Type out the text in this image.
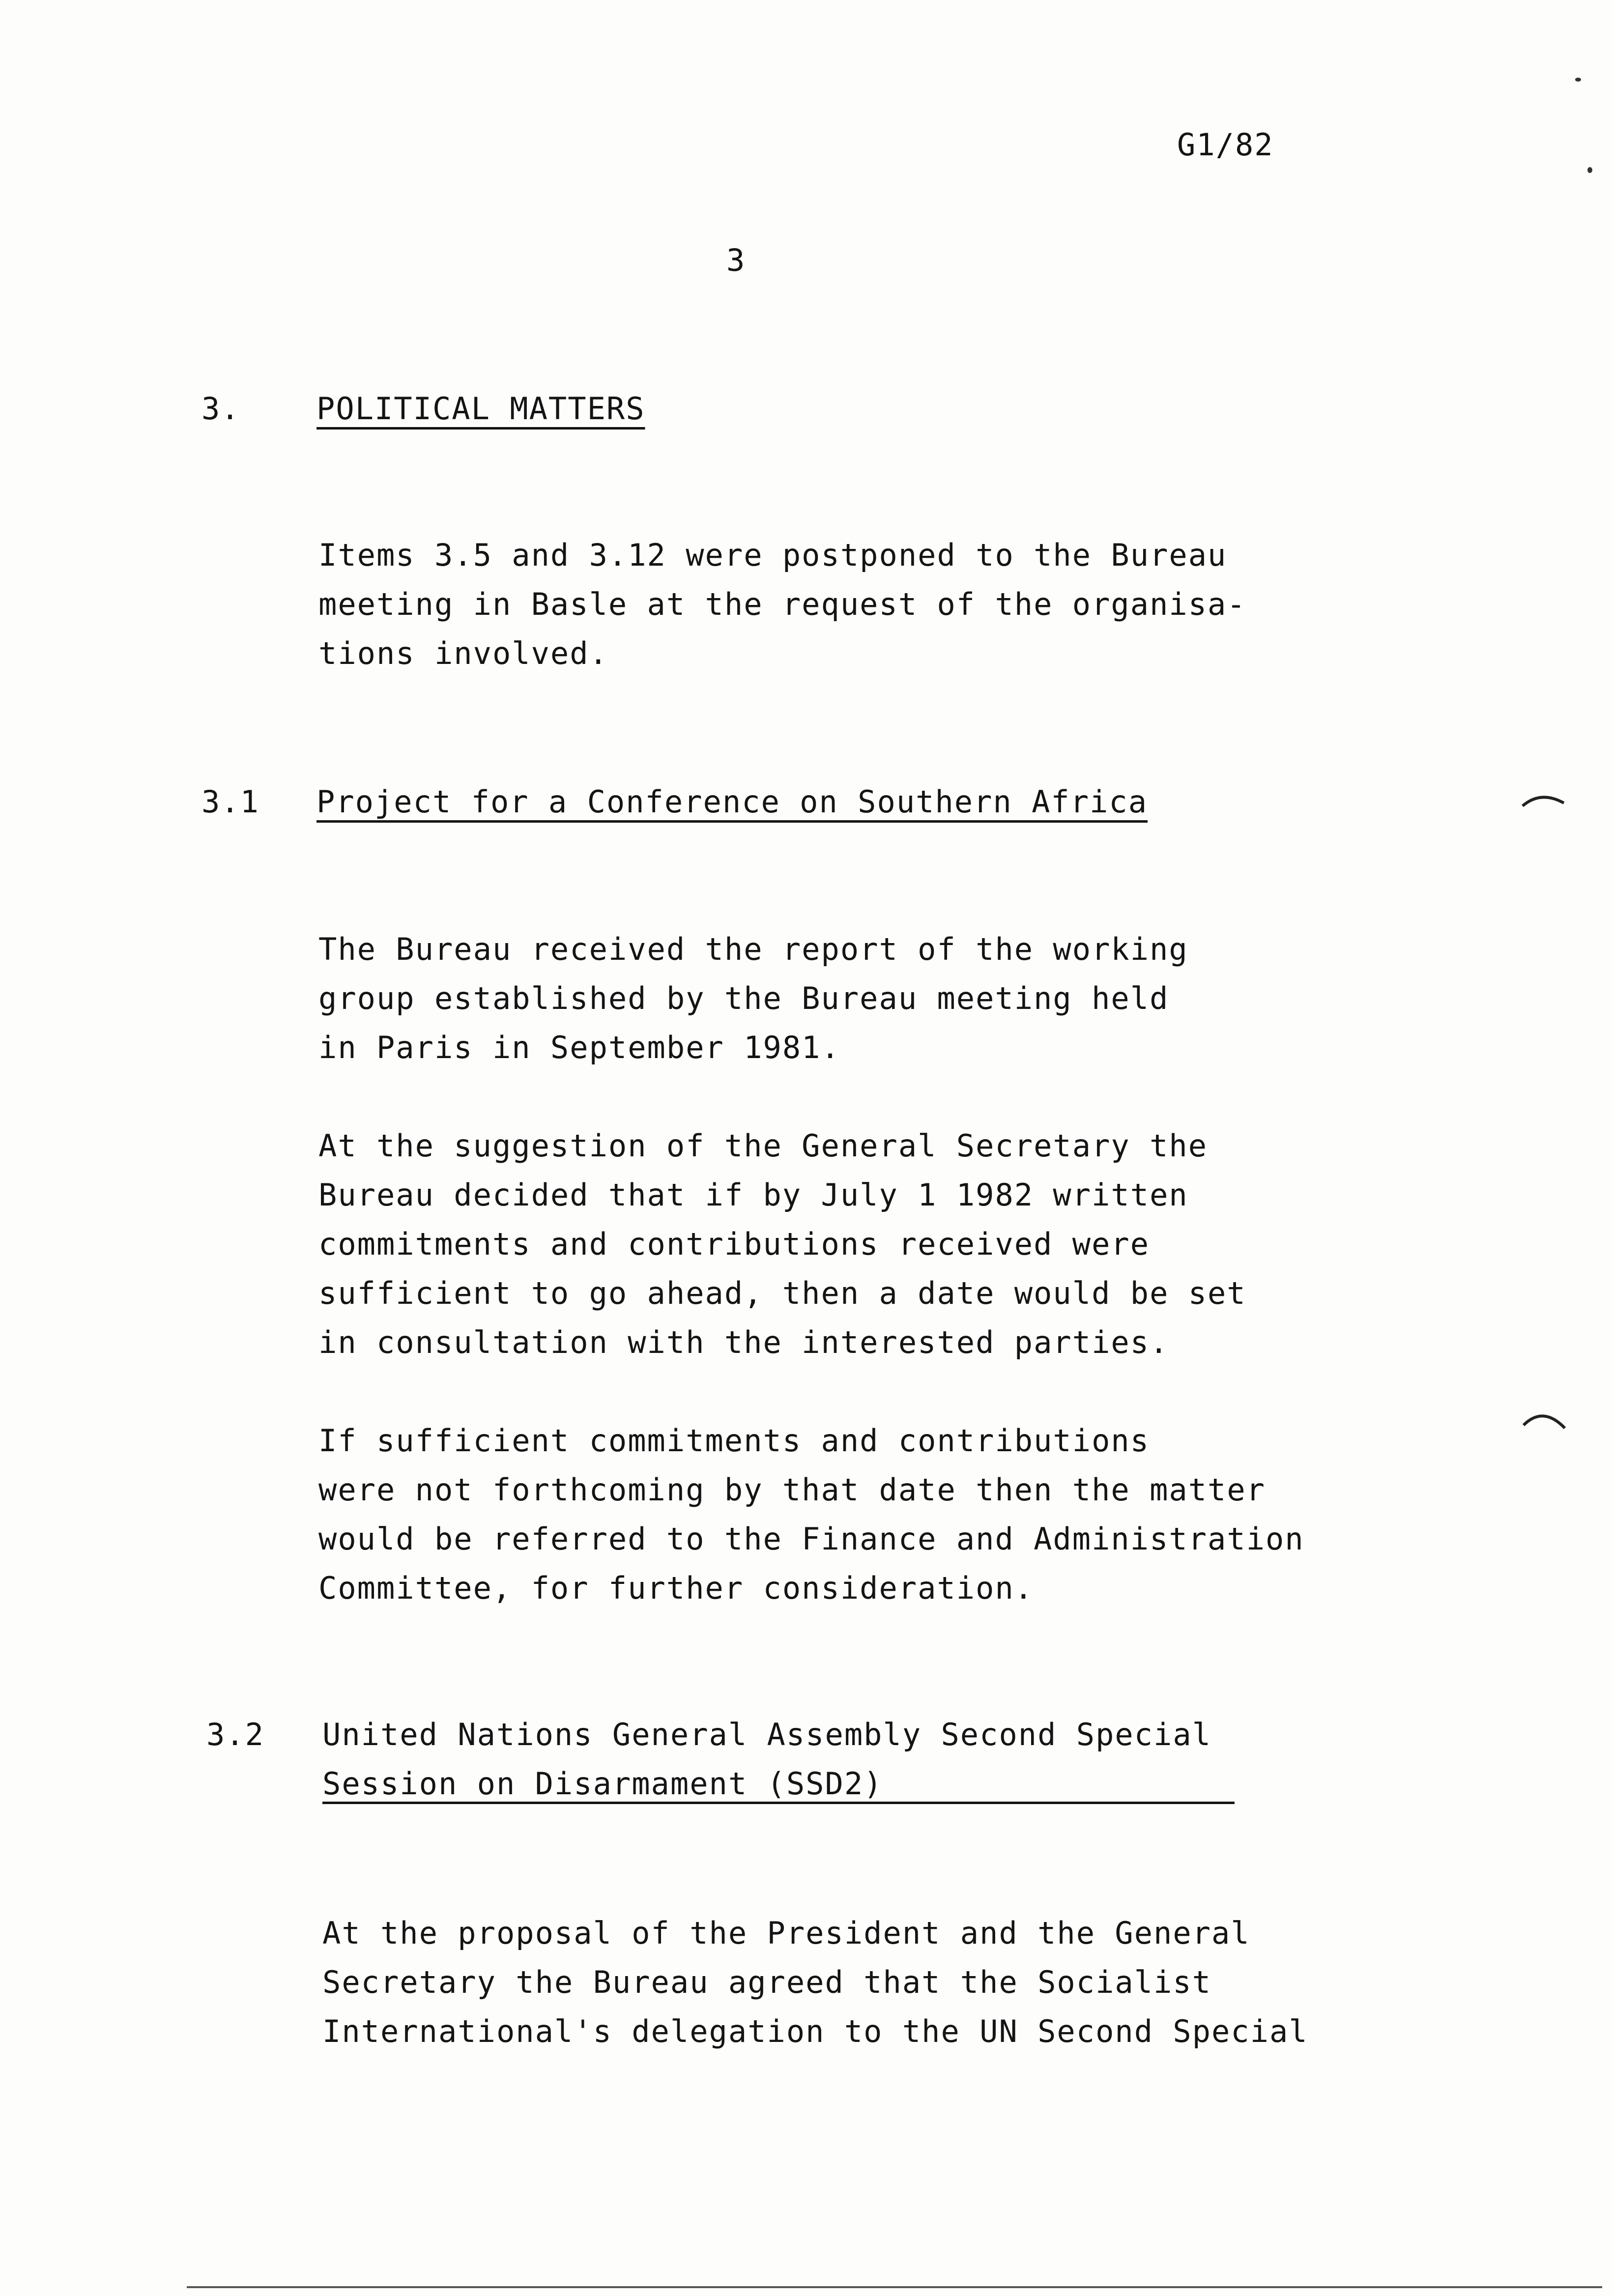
G1/82
3
3.	POLITICAL MATTERS
Items 3.5 and 3.12 were postponed to the Bureau
meeting in Basle at the request of the organisa-
tions involved.
3.1 Project for a Conference on Southern Africa
The Bureau received the report of the working
group established by the Bureau meeting held
in Paris in September 1981.
At the suggestion of the General Secretary the
Bureau decided that if by July 1 1982 written
commitments and contributions received were
sufficient to go ahead, then a date would be set
in consultation with the interested parties.
If sufficient commitments and contributions
were not forthcoming by that date then the matter
would be referred to the Finance and Administration
Committee, for further consideration.
3.2 United Nations General Assembly Second Special
Session on Disarmament (SSD2)
At the proposal of the President and the General
Secretary the Bureau agreed that the Socialist
International's delegation to the UN Second Special
